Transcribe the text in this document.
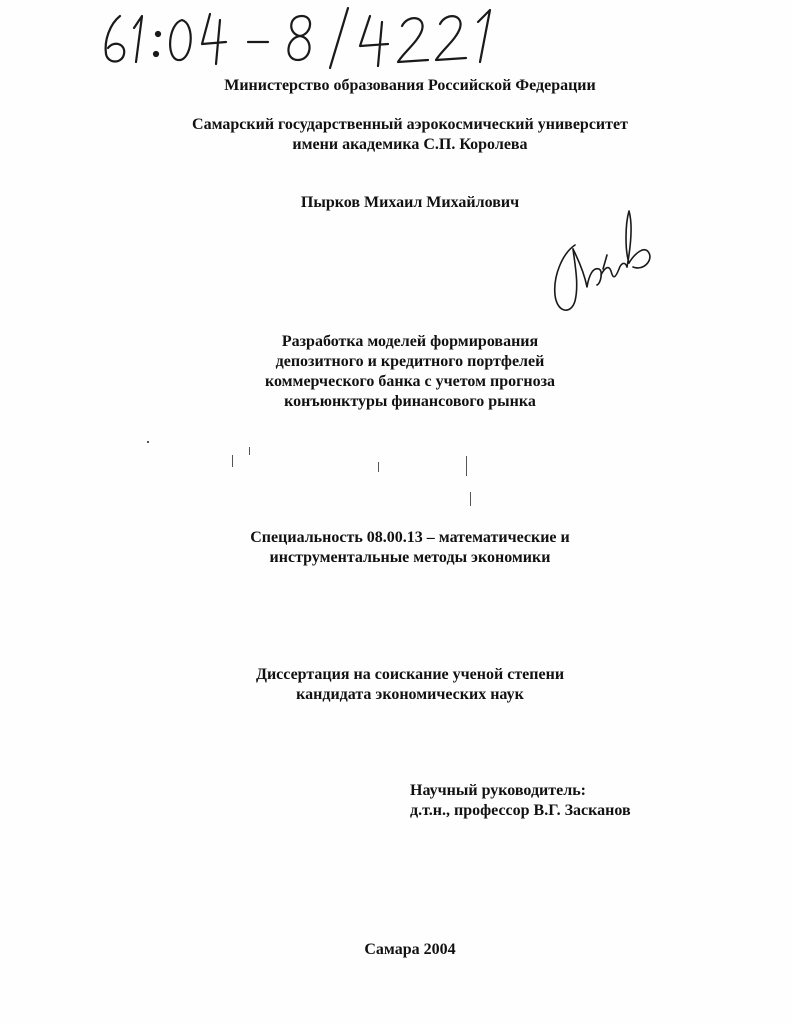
Министерство образования Российской Федерации
Самарский государственный аэрокосмический университет
имени академика С.П. Королева
Пырков Михаил Михайлович
Разработка моделей формирования
депозитного и кредитного портфелей
коммерческого банка с учетом прогноза
конъюнктуры финансового рынка
Специальность 08.00.13 – математические и
инструментальные методы экономики
Диссертация на соискание ученой степени
кандидата экономических наук
Научный руководитель:
д.т.н., профессор В.Г. Засканов
Самара 2004
